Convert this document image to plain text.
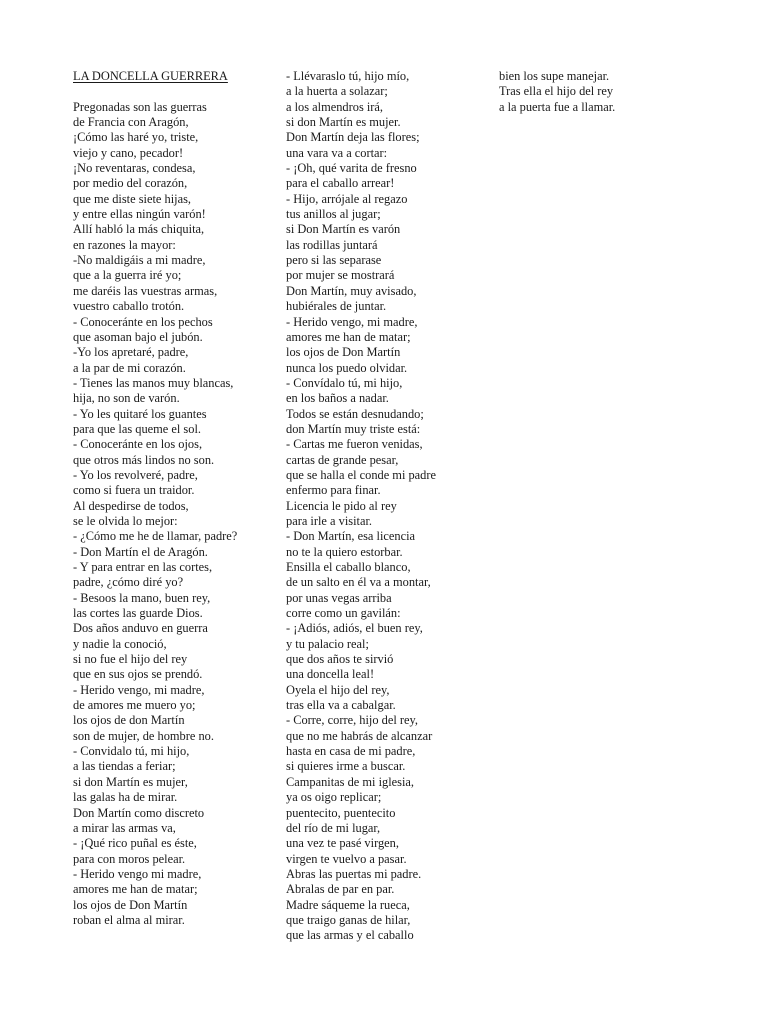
LA DONCELLA GUERRERA
Pregonadas son las guerras
de Francia con Aragón,
¡Cómo las haré yo, triste,
viejo y cano, pecador!
¡No reventaras, condesa,
por medio del corazón,
que me diste siete hijas,
y entre ellas ningún varón!
Allí habló la más chiquita,
en razones la mayor:
-No maldigáis a mi madre,
que a la guerra iré yo;
me daréis las vuestras armas,
vuestro caballo trotón.
- Conoceránte en los pechos
que asoman bajo el jubón.
-Yo los apretaré, padre,
a la par de mi corazón.
- Tienes las manos muy blancas,
hija, no son de varón.
- Yo les quitaré los guantes
para que las queme el sol.
- Conoceránte en los ojos,
que otros más lindos no son.
- Yo los revolveré, padre,
como si fuera un traidor.
Al despedirse de todos,
se le olvida lo mejor:
- ¿Cómo me he de llamar, padre?
- Don Martín el de Aragón.
- Y para entrar en las cortes,
padre, ¿cómo diré yo?
- Besoos la mano, buen rey,
las cortes las guarde Dios.
Dos años anduvo en guerra
y nadie la conoció,
si no fue el hijo del rey
que en sus ojos se prendó.
- Herido vengo, mi madre,
de amores me muero yo;
los ojos de don Martín
son de mujer, de hombre no.
- Convidalo tú, mi hijo,
a las tiendas a feriar;
si don Martín es mujer,
las galas ha de mirar.
Don Martín como discreto
a mirar las armas va,
- ¡Qué rico puñal es éste,
para con moros pelear.
- Herido vengo mi madre,
amores me han de matar;
los ojos de Don Martín
roban el alma al mirar.
- Llévaraslo tú, hijo mío,
a la huerta a solazar;
a los almendros irá,
si don Martín es mujer.
Don Martín deja las flores;
una vara va a cortar:
- ¡Oh, qué varita de fresno
para el caballo arrear!
- Hijo, arrójale al regazo
tus anillos al jugar;
si Don Martín es varón
las rodillas juntará
pero si las separase
por mujer se mostrará
Don Martín, muy avisado,
hubiérales de juntar.
- Herido vengo, mi madre,
amores me han de matar;
los ojos de Don Martín
nunca los puedo olvidar.
- Convídalo tú, mi hijo,
en los baños a nadar.
Todos se están desnudando;
don Martín muy triste está:
- Cartas me fueron venidas,
cartas de grande pesar,
que se halla el conde mi padre
enfermo para finar.
Licencia le pido al rey
para irle a visitar.
- Don Martín, esa licencia
no te la quiero estorbar.
Ensilla el caballo blanco,
de un salto en él va a montar,
por unas vegas arriba
corre como un gavilán:
- ¡Adiós, adiós, el buen rey,
y tu palacio real;
que dos años te sirvió
una doncella leal!
Oyela el hijo del rey,
tras ella va a cabalgar.
- Corre, corre, hijo del rey,
que no me habrás de alcanzar
hasta en casa de mi padre,
si quieres irme a buscar.
Campanitas de mi iglesia,
ya os oigo replicar;
puentecito, puentecito
del río de mi lugar,
una vez te pasé virgen,
virgen te vuelvo a pasar.
Abras las puertas mi padre.
Abralas de par en par.
Madre sáqueme la rueca,
que traigo ganas de hilar,
que las armas y el caballo
bien los supe manejar.
Tras ella el hijo del rey
a la puerta fue a llamar.
